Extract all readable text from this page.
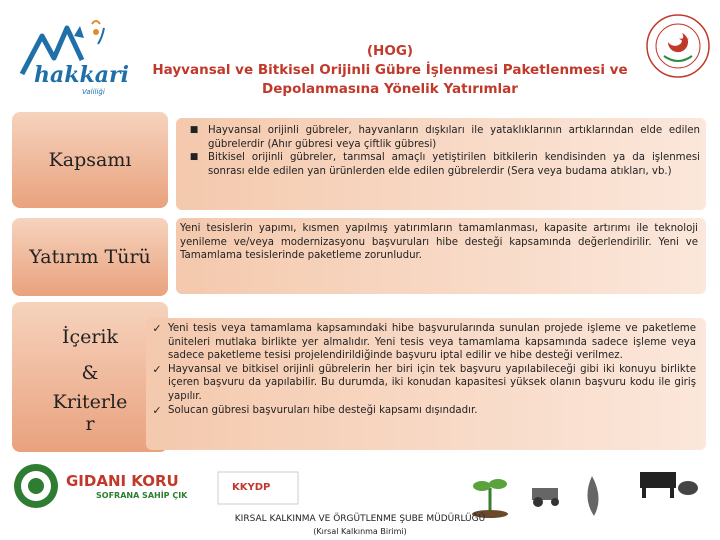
hakkari
Valiliği
(HOG)
Hayvansal ve Bitkisel Orijinli Gübre İşlenmesi Paketlenmesi ve
Depolanmasına Yönelik Yatırımlar
Kapsamı
■ Hayvansal orijinli gübreler, hayvanların dışkıları ile yataklıklarının artıklarından elde edilen gübrelerdir (Ahır gübresi veya çiftlik gübresi)
■ Bitkisel orijinli gübreler, tarımsal amaçlı yetiştirilen bitkilerin kendisinden ya da işlenmesi sonrası elde edilen yan ürünlerden elde edilen gübrelerdir (Sera veya budama atıkları, vb.)
Yatırım Türü
Yeni tesislerin yapımı, kısmen yapılmış yatırımların tamamlanması, kapasite artırımı ile teknoloji yenileme ve/veya modernizasyonu başvuruları hibe desteği kapsamında değerlendirilir. Yeni ve Tamamlama tesislerinde paketleme zorunludur.
İçerik
&
Kriterle
r
✓ Yeni tesis veya tamamlama kapsamındaki hibe başvurularında sunulan projede işleme ve paketleme üniteleri mutlaka birlikte yer almalıdır. Yeni tesis veya tamamlama kapsamında sadece işleme veya sadece paketleme tesisi projelendirildiğinde başvuru iptal edilir ve hibe desteği verilmez.
✓ Hayvansal ve bitkisel orijinli gübrelerin her biri için tek başvuru yapılabileceği gibi iki konuyu birlikte içeren başvuru da yapılabilir. Bu durumda, iki konudan kapasitesi yüksek olanın başvuru kodu ile giriş yapılır.
✓ Solucan gübresi başvuruları hibe desteği kapsamı dışındadır.
GIDANI KORU
SOFRANA SAHİP ÇIK
KKYDP
KIRSAL KALKINMA VE ÖRGÜTLENME ŞUBE MÜDÜRLÜĞÜ
(Kırsal Kalkınma Birimi)
